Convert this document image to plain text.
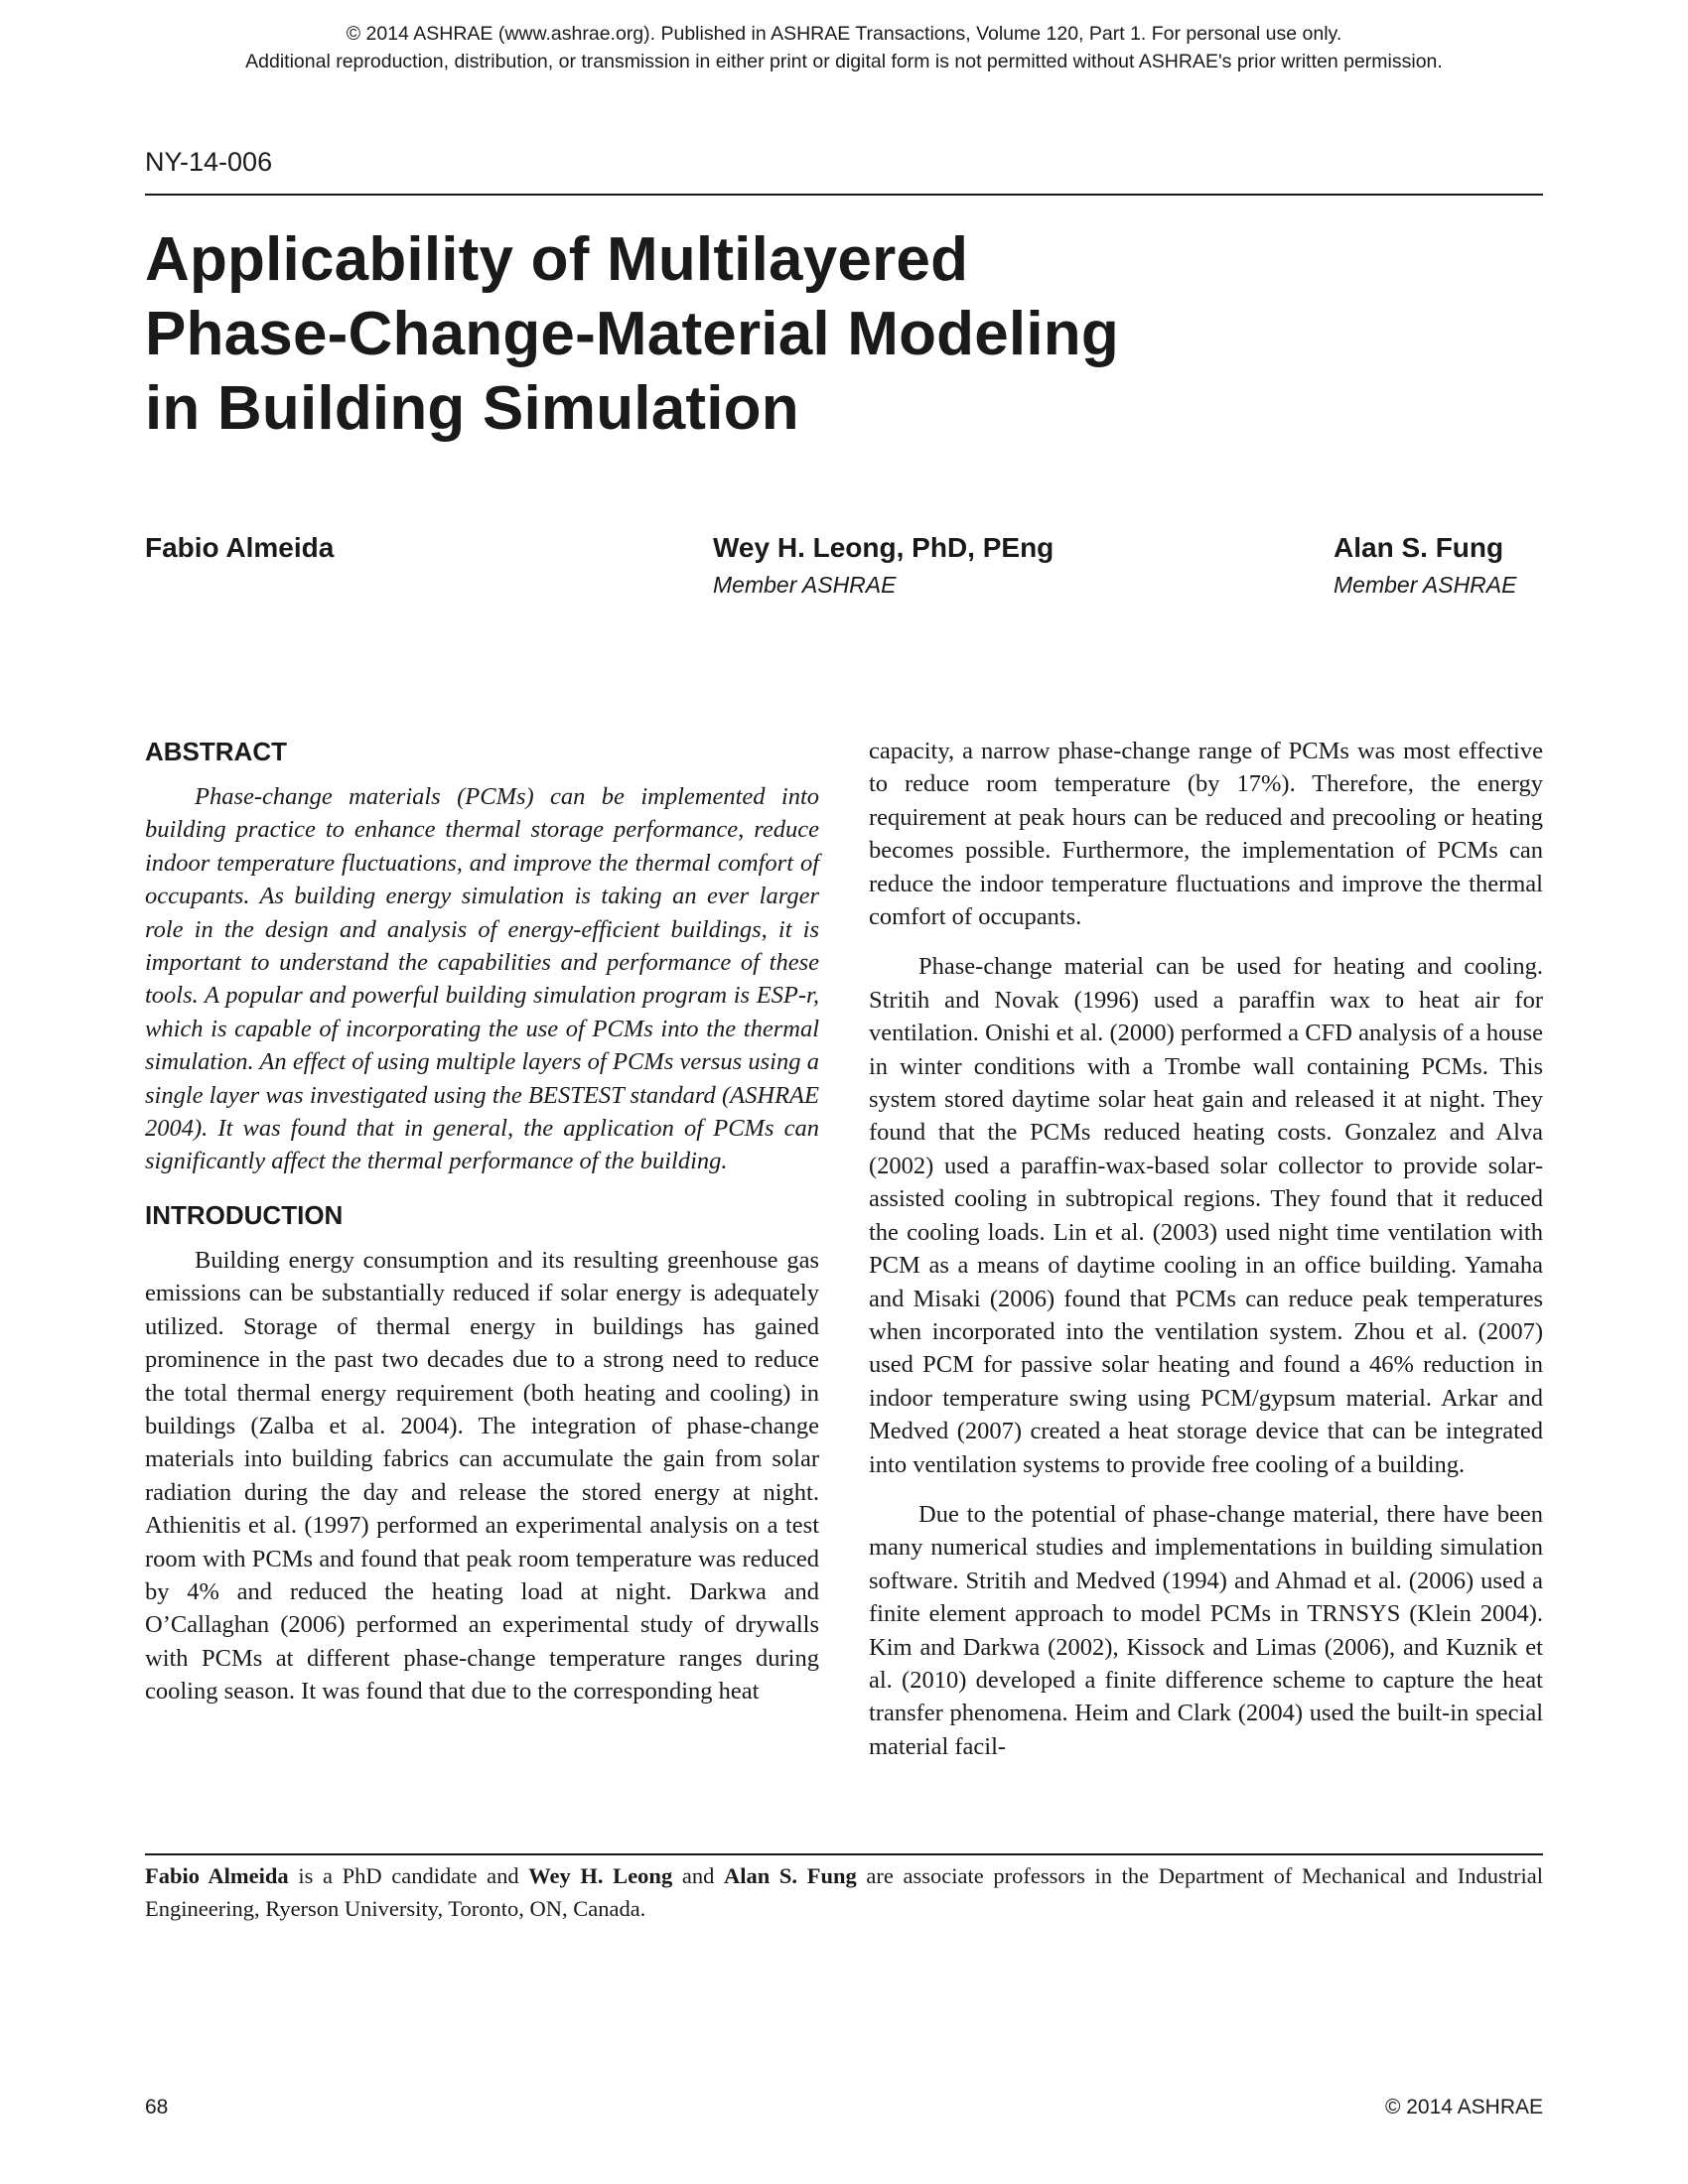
© 2014 ASHRAE (www.ashrae.org). Published in ASHRAE Transactions, Volume 120, Part 1. For personal use only.
Additional reproduction, distribution, or transmission in either print or digital form is not permitted without ASHRAE's prior written permission.
NY-14-006
Applicability of Multilayered
Phase-Change-Material Modeling
in Building Simulation
Fabio Almeida	Wey H. Leong, PhD, PEng
Member ASHRAE
Alan S. Fung
Member ASHRAE
ABSTRACT

Phase-change materials (PCMs) can be implemented into building practice to enhance thermal storage performance, reduce indoor temperature fluctuations, and improve the thermal comfort of occupants. As building energy simulation is taking an ever larger role in the design and analysis of energy-efficient buildings, it is important to understand the capabilities and performance of these tools. A popular and powerful building simulation program is ESP-r, which is capable of incorporating the use of PCMs into the thermal simulation. An effect of using multiple layers of PCMs versus using a single layer was investigated using the BESTEST standard (ASHRAE 2004). It was found that in general, the application of PCMs can significantly affect the thermal performance of the building.

INTRODUCTION

Building energy consumption and its resulting greenhouse gas emissions can be substantially reduced if solar energy is adequately utilized. Storage of thermal energy in buildings has gained prominence in the past two decades due to a strong need to reduce the total thermal energy requirement (both heating and cooling) in buildings (Zalba et al. 2004). The integration of phase-change materials into building fabrics can accumulate the gain from solar radiation during the day and release the stored energy at night. Athienitis et al. (1997) performed an experimental analysis on a test room with PCMs and found that peak room temperature was reduced by 4% and reduced the heating load at night. Darkwa and O’Callaghan (2006) performed an experimental study of drywalls with PCMs at different phase-change temperature ranges during cooling season. It was found that due to the corresponding heat

capacity, a narrow phase-change range of PCMs was most effective to reduce room temperature (by 17%). Therefore, the energy requirement at peak hours can be reduced and precooling or heating becomes possible. Furthermore, the implementation of PCMs can reduce the indoor temperature fluctuations and improve the thermal comfort of occupants.

Phase-change material can be used for heating and cooling. Stritih and Novak (1996) used a paraffin wax to heat air for ventilation. Onishi et al. (2000) performed a CFD analysis of a house in winter conditions with a Trombe wall containing PCMs. This system stored daytime solar heat gain and released it at night. They found that the PCMs reduced heating costs. Gonzalez and Alva (2002) used a paraffin-wax-based solar collector to provide solar-assisted cooling in subtropical regions. They found that it reduced the cooling loads. Lin et al. (2003) used night time ventilation with PCM as a means of daytime cooling in an office building. Yamaha and Misaki (2006) found that PCMs can reduce peak temperatures when incorporated into the ventilation system. Zhou et al. (2007) used PCM for passive solar heating and found a 46% reduction in indoor temperature swing using PCM/gypsum material. Arkar and Medved (2007) created a heat storage device that can be integrated into ventilation systems to provide free cooling of a building.

Due to the potential of phase-change material, there have been many numerical studies and implementations in building simulation software. Stritih and Medved (1994) and Ahmad et al. (2006) used a finite element approach to model PCMs in TRNSYS (Klein 2004). Kim and Darkwa (2002), Kissock and Limas (2006), and Kuznik et al. (2010) developed a finite difference scheme to capture the heat transfer phenomena. Heim and Clark (2004) used the built-in special material facil-

Fabio Almeida is a PhD candidate and Wey H. Leong and Alan S. Fung are associate professors in the Department of Mechanical and Industrial Engineering, Ryerson University, Toronto, ON, Canada.
68	© 2014 ASHRAE
